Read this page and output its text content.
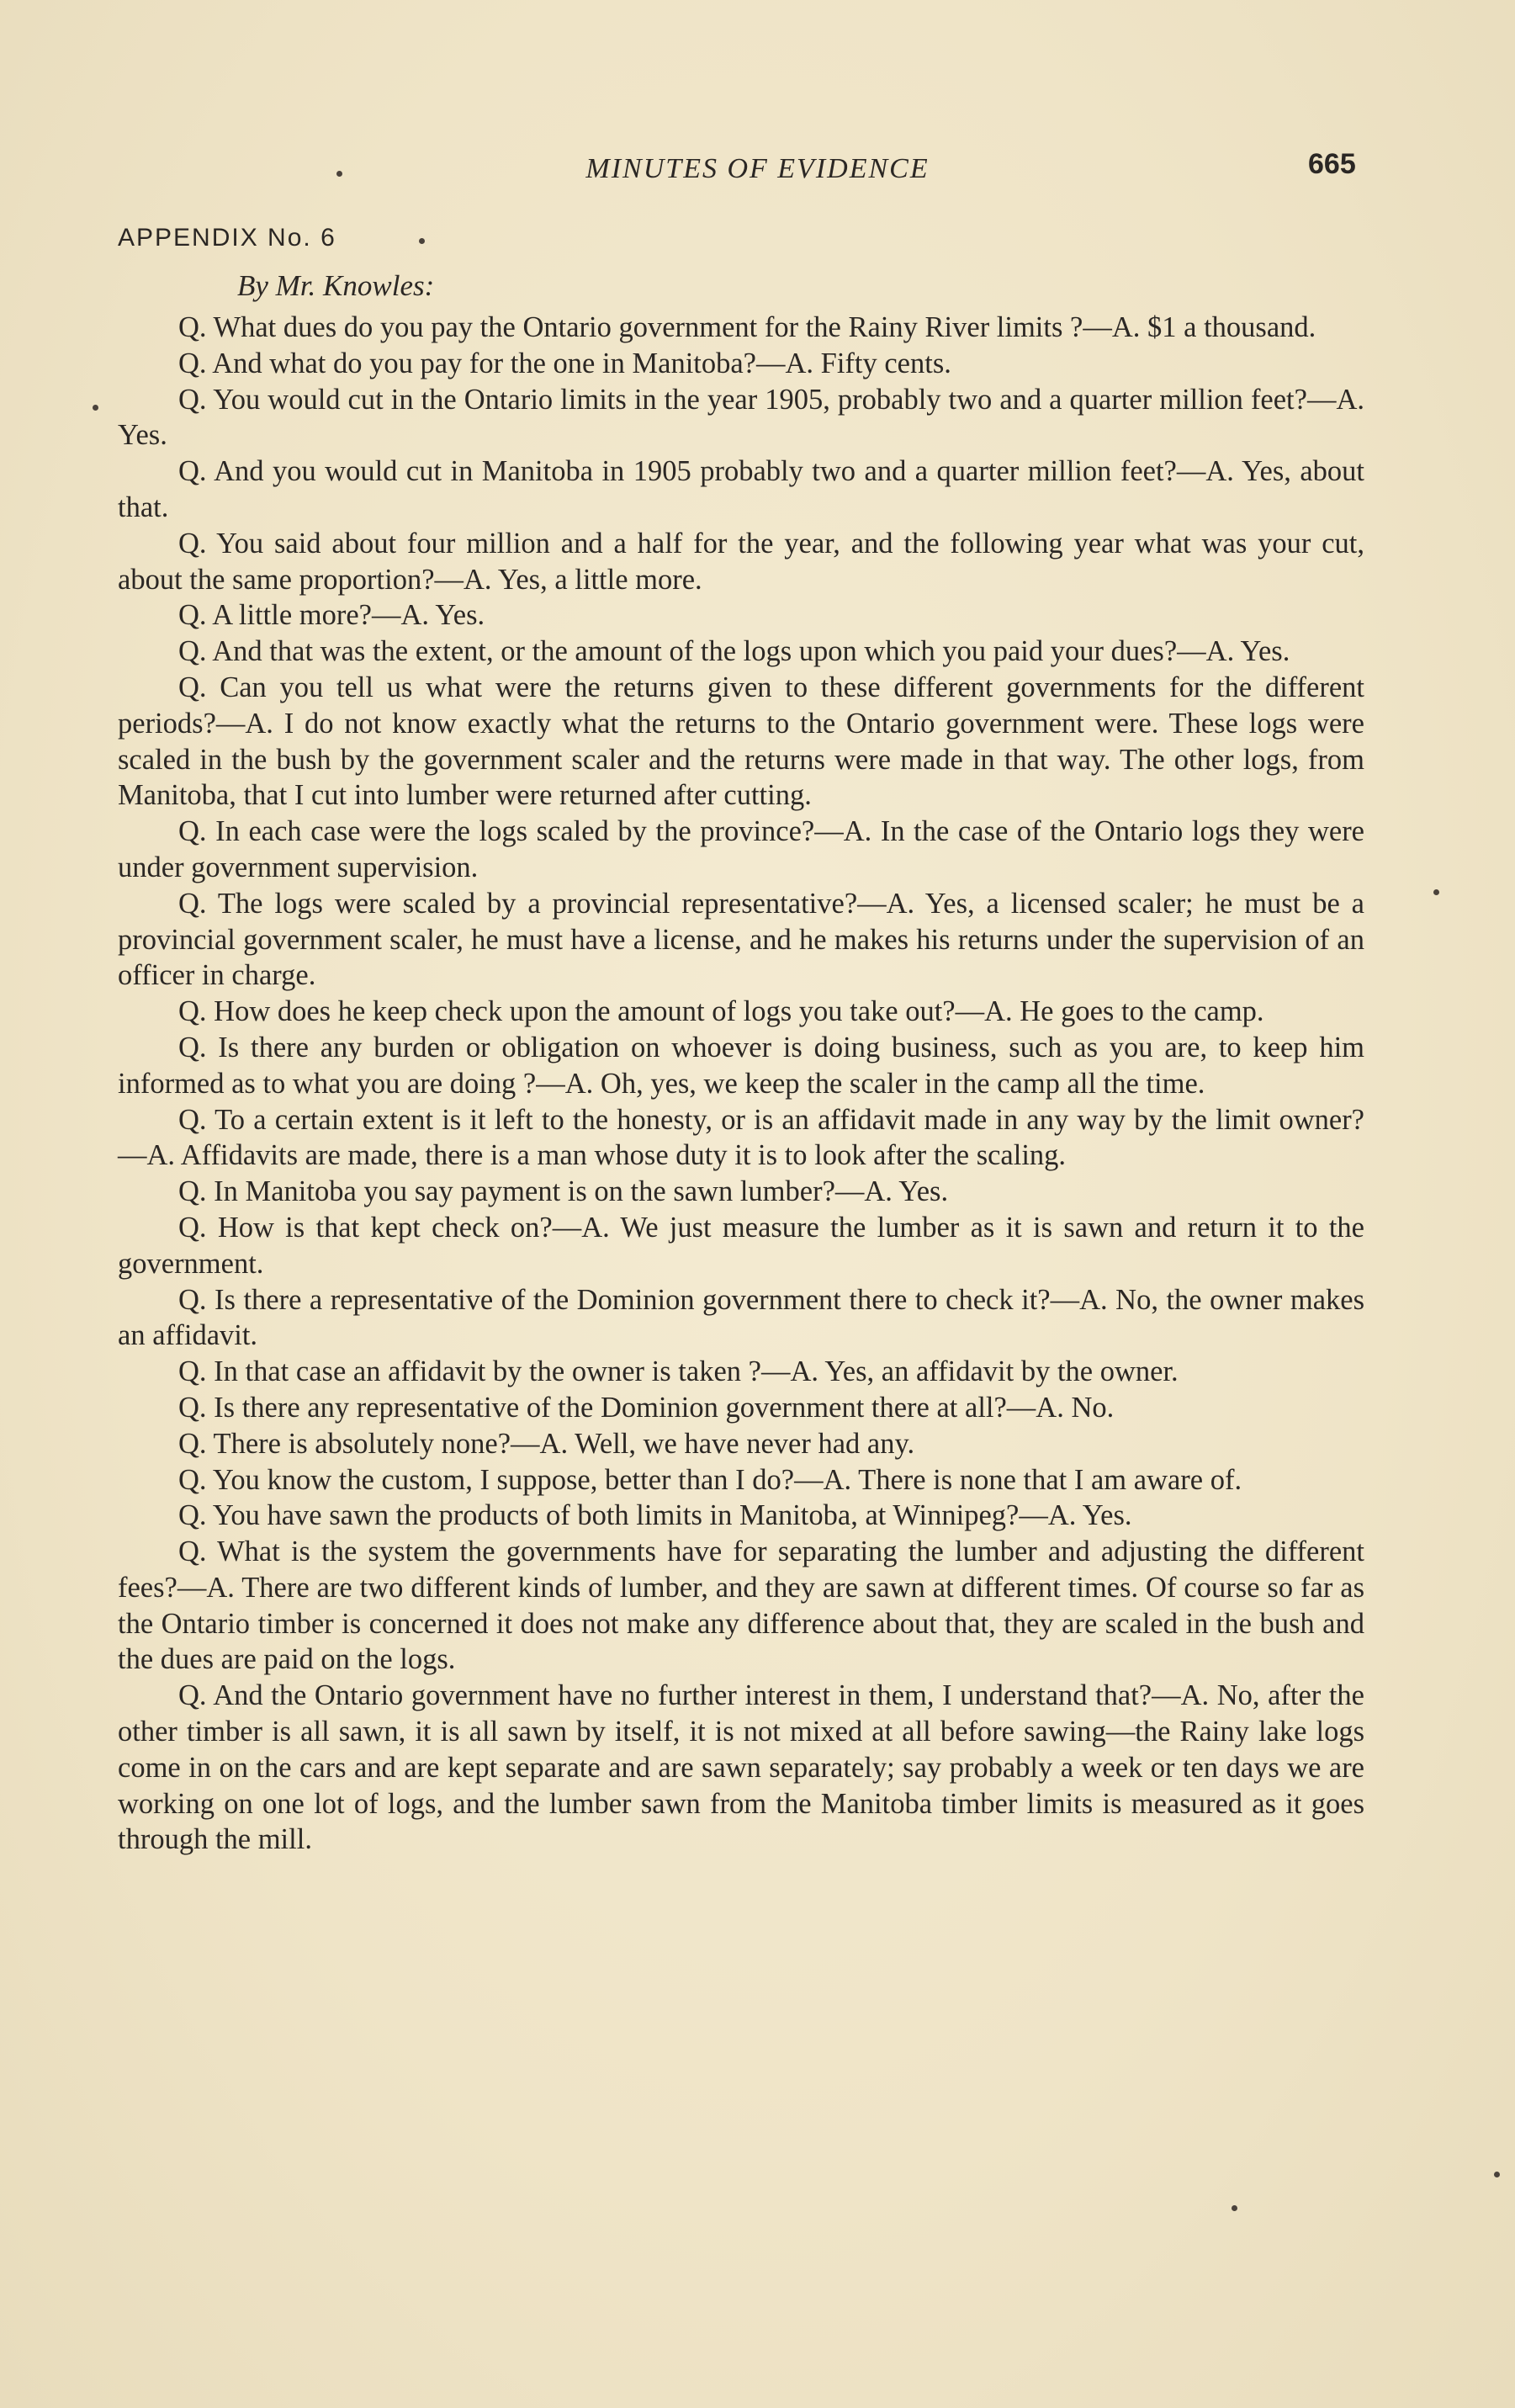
MINUTES OF EVIDENCE	665
APPENDIX No. 6
By Mr. Knowles:

Q. What dues do you pay the Ontario government for the Rainy River limits ?—A. $1 a thousand.

Q. And what do you pay for the one in Manitoba?—A. Fifty cents.

Q. You would cut in the Ontario limits in the year 1905, probably two and a quarter million feet?—A. Yes.

Q. And you would cut in Manitoba in 1905 probably two and a quarter million feet?—A. Yes, about that.

Q. You said about four million and a half for the year, and the following year what was your cut, about the same proportion?—A. Yes, a little more.

Q. A little more?—A. Yes.

Q. And that was the extent, or the amount of the logs upon which you paid your dues?—A. Yes.

Q. Can you tell us what were the returns given to these different governments for the different periods?—A. I do not know exactly what the returns to the Ontario government were. These logs were scaled in the bush by the government scaler and the returns were made in that way. The other logs, from Manitoba, that I cut into lumber were returned after cutting.

Q. In each case were the logs scaled by the province?—A. In the case of the Ontario logs they were under government supervision.

Q. The logs were scaled by a provincial representative?—A. Yes, a licensed scaler; he must be a provincial government scaler, he must have a license, and he makes his returns under the supervision of an officer in charge.

Q. How does he keep check upon the amount of logs you take out?—A. He goes to the camp.

Q. Is there any burden or obligation on whoever is doing business, such as you are, to keep him informed as to what you are doing ?—A. Oh, yes, we keep the scaler in the camp all the time.

Q. To a certain extent is it left to the honesty, or is an affidavit made in any way by the limit owner?—A. Affidavits are made, there is a man whose duty it is to look after the scaling.

Q. In Manitoba you say payment is on the sawn lumber?—A. Yes.

Q. How is that kept check on?—A. We just measure the lumber as it is sawn and return it to the government.

Q. Is there a representative of the Dominion government there to check it?—A. No, the owner makes an affidavit.

Q. In that case an affidavit by the owner is taken ?—A. Yes, an affidavit by the owner.

Q. Is there any representative of the Dominion government there at all?—A. No.

Q. There is absolutely none?—A. Well, we have never had any.

Q. You know the custom, I suppose, better than I do?—A. There is none that I am aware of.

Q. You have sawn the products of both limits in Manitoba, at Winnipeg?—A. Yes.

Q. What is the system the governments have for separating the lumber and adjusting the different fees?—A. There are two different kinds of lumber, and they are sawn at different times. Of course so far as the Ontario timber is concerned it does not make any difference about that, they are scaled in the bush and the dues are paid on the logs.

Q. And the Ontario government have no further interest in them, I understand that?—A. No, after the other timber is all sawn, it is all sawn by itself, it is not mixed at all before sawing—the Rainy lake logs come in on the cars and are kept separate and are sawn separately; say probably a week or ten days we are working on one lot of logs, and the lumber sawn from the Manitoba timber limits is measured as it goes through the mill.
